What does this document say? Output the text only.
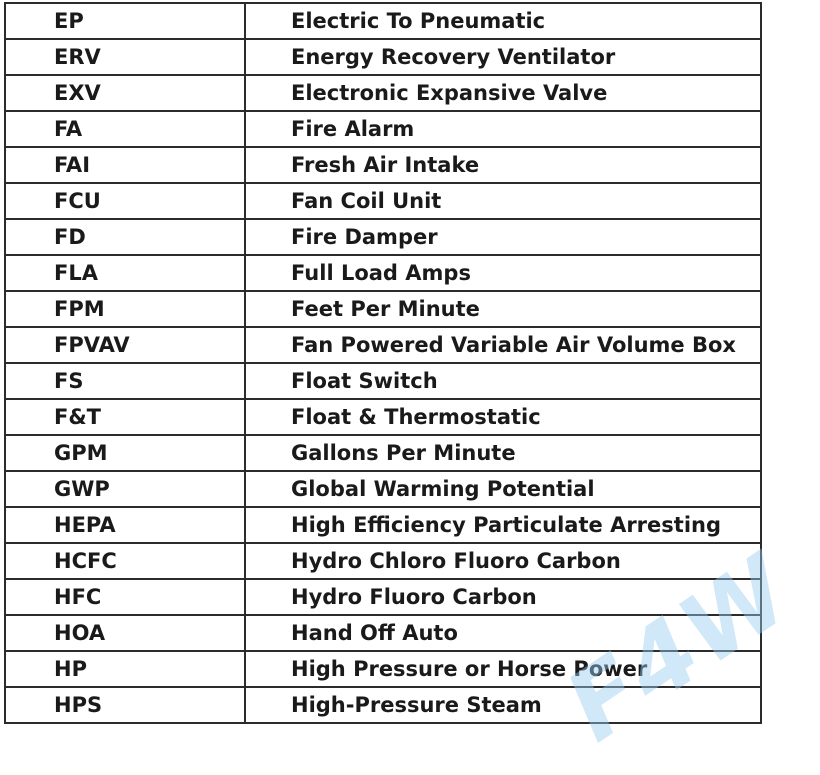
EP	Electric To Pneumatic
ERV	Energy Recovery Ventilator
EXV	Electronic Expansive Valve
FA	Fire Alarm
FAI	Fresh Air Intake
FCU	Fan Coil Unit
FD	Fire Damper
FLA	Full Load Amps
FPM	Feet Per Minute
FPVAV	Fan Powered Variable Air Volume Box
FS	Float Switch
F&T	Float & Thermostatic
GPM	Gallons Per Minute
GWP	Global Warming Potential
HEPA	High Efficiency Particulate Arresting
HCFC	Hydro Chloro Fluoro Carbon
HFC	Hydro Fluoro Carbon
HOA	Hand Off Auto
HP	High Pressure or Horse Power
HPS	High-Pressure Steam F4W
